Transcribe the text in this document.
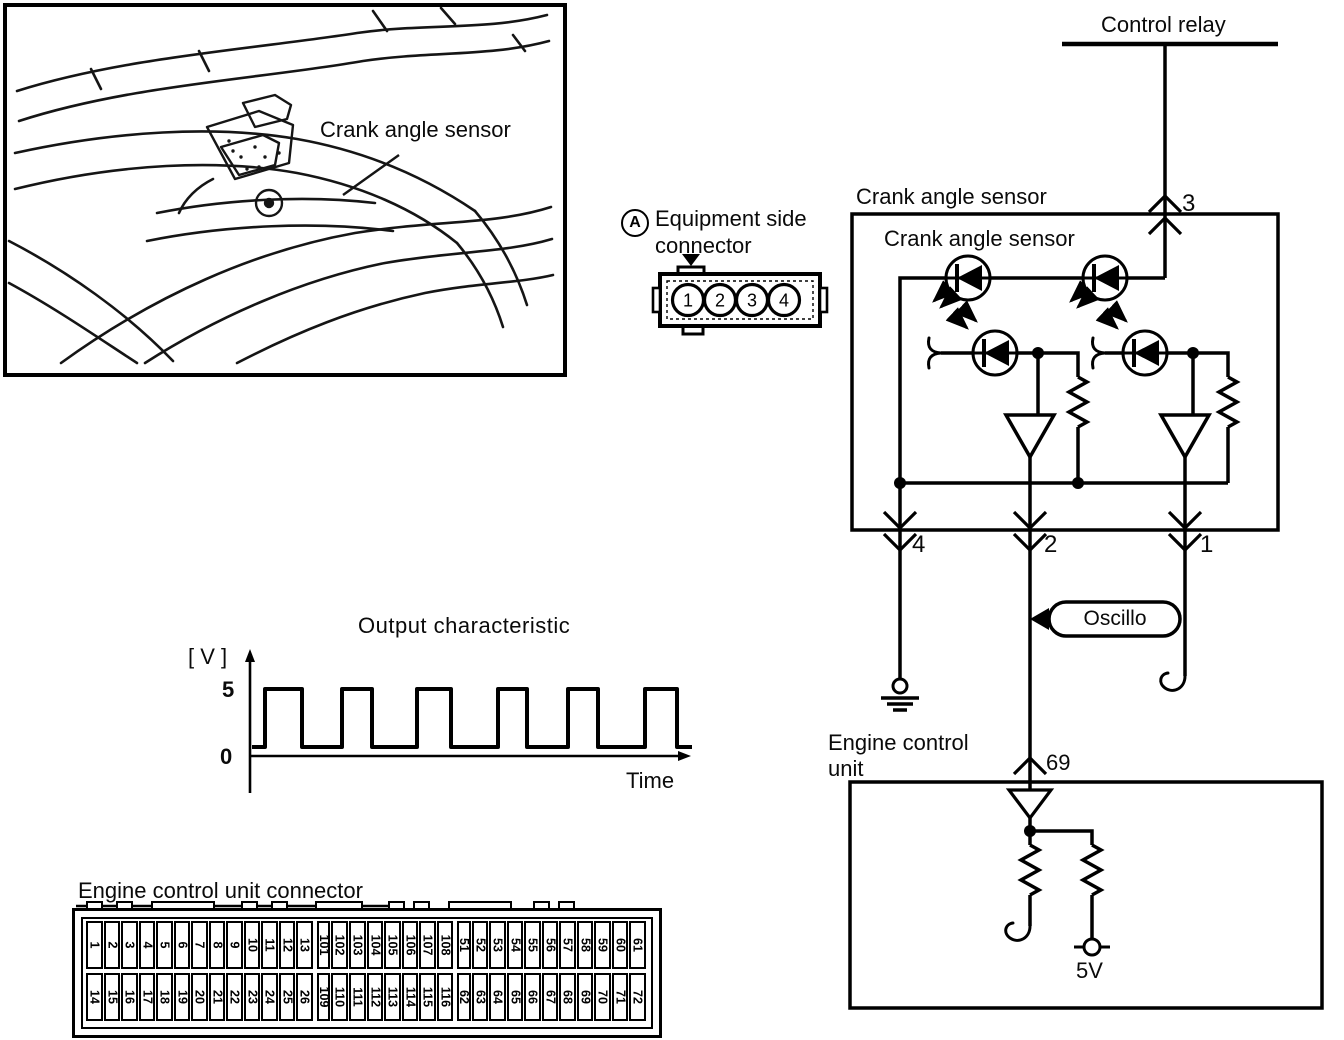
Crank angle sensor
A Equipment side
connector
1 2 3 4
Control relay
Crank angle sensor
Crank angle sensor
3
4	2	1
Oscillo
Engine control
unit	69
5V
Output characteristic
[ V ]
5
0
Time
Engine control unit connector
1 2 3 4 5 6 7 8 9 10 11 12 13 101 102 103 104 105 106 107 108 51 52 53 54 55 56 57 58 59 60 61
14 15 16 17 18 19 20 21 22 23 24 25 26 109 110 111 112 113 114 115 116 62 63 64 65 66 67 68 69 70 71 72
